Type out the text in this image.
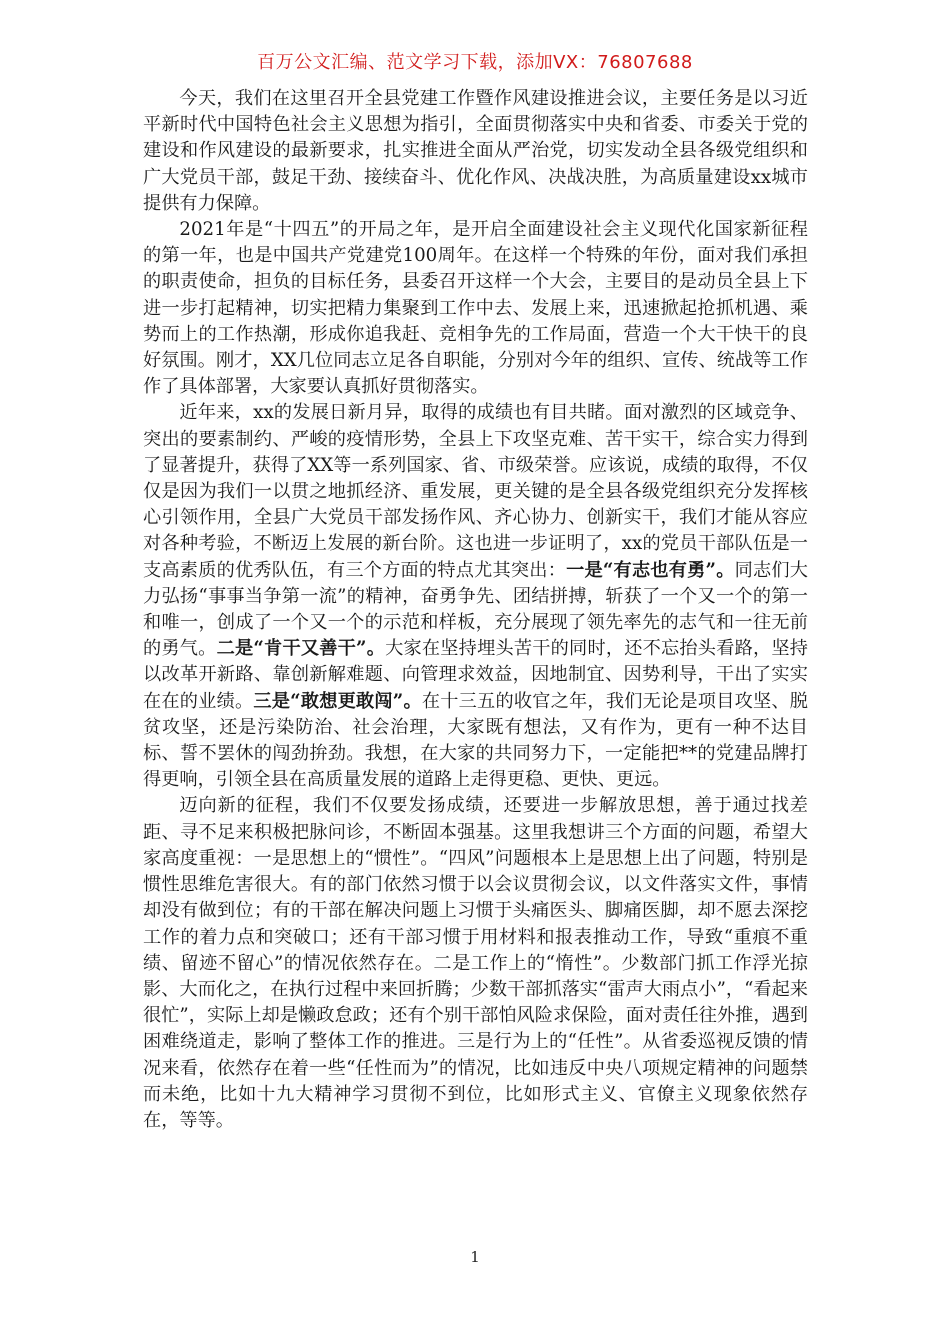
百万公文汇编、范文学习下载，添加VX：76807688

今天，我们在这里召开全县党建工作暨作风建设推进会议，主要任务是以习近平新时代中国特色社会主义思想为指引，全面贯彻落实中央和省委、市委关于党的建设和作风建设的最新要求，扎实推进全面从严治党，切实发动全县各级党组织和广大党员干部，鼓足干劲、接续奋斗、优化作风、决战决胜，为高质量建设xx城市提供有力保障。

2021年是“十四五”的开局之年，是开启全面建设社会主义现代化国家新征程的第一年，也是中国共产党建党100周年。在这样一个特殊的年份，面对我们承担的职责使命，担负的目标任务，县委召开这样一个大会，主要目的是动员全县上下进一步打起精神，切实把精力集聚到工作中去、发展上来，迅速掀起抢抓机遇、乘势而上的工作热潮，形成你追我赶、竞相争先的工作局面，营造一个大干快干的良好氛围。刚才，XX几位同志立足各自职能，分别对今年的组织、宣传、统战等工作作了具体部署，大家要认真抓好贯彻落实。

近年来，xx的发展日新月异，取得的成绩也有目共睹。面对激烈的区域竞争、突出的要素制约、严峻的疫情形势，全县上下攻坚克难、苦干实干，综合实力得到了显著提升，获得了XX等一系列国家、省、市级荣誉。应该说，成绩的取得，不仅仅是因为我们一以贯之地抓经济、重发展，更关键的是全县各级党组织充分发挥核心引领作用，全县广大党员干部发扬作风、齐心协力、创新实干，我们才能从容应对各种考验，不断迈上发展的新台阶。这也进一步证明了，xx的党员干部队伍是一支高素质的优秀队伍，有三个方面的特点尤其突出：一是“有志也有勇”。同志们大力弘扬“事事当争第一流”的精神，奋勇争先、团结拼搏，斩获了一个又一个的第一和唯一，创成了一个又一个的示范和样板，充分展现了领先率先的志气和一往无前的勇气。二是“肯干又善干”。大家在坚持埋头苦干的同时，还不忘抬头看路，坚持以改革开新路、靠创新解难题、向管理求效益，因地制宜、因势利导，干出了实实在在的业绩。三是“敢想更敢闯”。在十三五的收官之年，我们无论是项目攻坚、脱贫攻坚，还是污染防治、社会治理，大家既有想法，又有作为，更有一种不达目标、誓不罢休的闯劲拚劲。我想，在大家的共同努力下，一定能把**的党建品牌打得更响，引领全县在高质量发展的道路上走得更稳、更快、更远。

迈向新的征程，我们不仅要发扬成绩，还要进一步解放思想，善于通过找差距、寻不足来积极把脉问诊，不断固本强基。这里我想讲三个方面的问题，希望大家高度重视：一是思想上的“惯性”。“四风”问题根本上是思想上出了问题，特别是惯性思维危害很大。有的部门依然习惯于以会议贯彻会议，以文件落实文件，事情却没有做到位；有的干部在解决问题上习惯于头痛医头、脚痛医脚，却不愿去深挖工作的着力点和突破口；还有干部习惯于用材料和报表推动工作，导致“重痕不重绩、留迹不留心”的情况依然存在。二是工作上的“惰性”。少数部门抓工作浮光掠影、大而化之，在执行过程中来回折腾；少数干部抓落实“雷声大雨点小”，“看起来很忙”，实际上却是懒政怠政；还有个别干部怕风险求保险，面对责任往外推，遇到困难绕道走，影响了整体工作的推进。三是行为上的“任性”。从省委巡视反馈的情况来看，依然存在着一些“任性而为”的情况，比如违反中央八项规定精神的问题禁而未绝，比如十九大精神学习贯彻不到位，比如形式主义、官僚主义现象依然存在，等等。

1
